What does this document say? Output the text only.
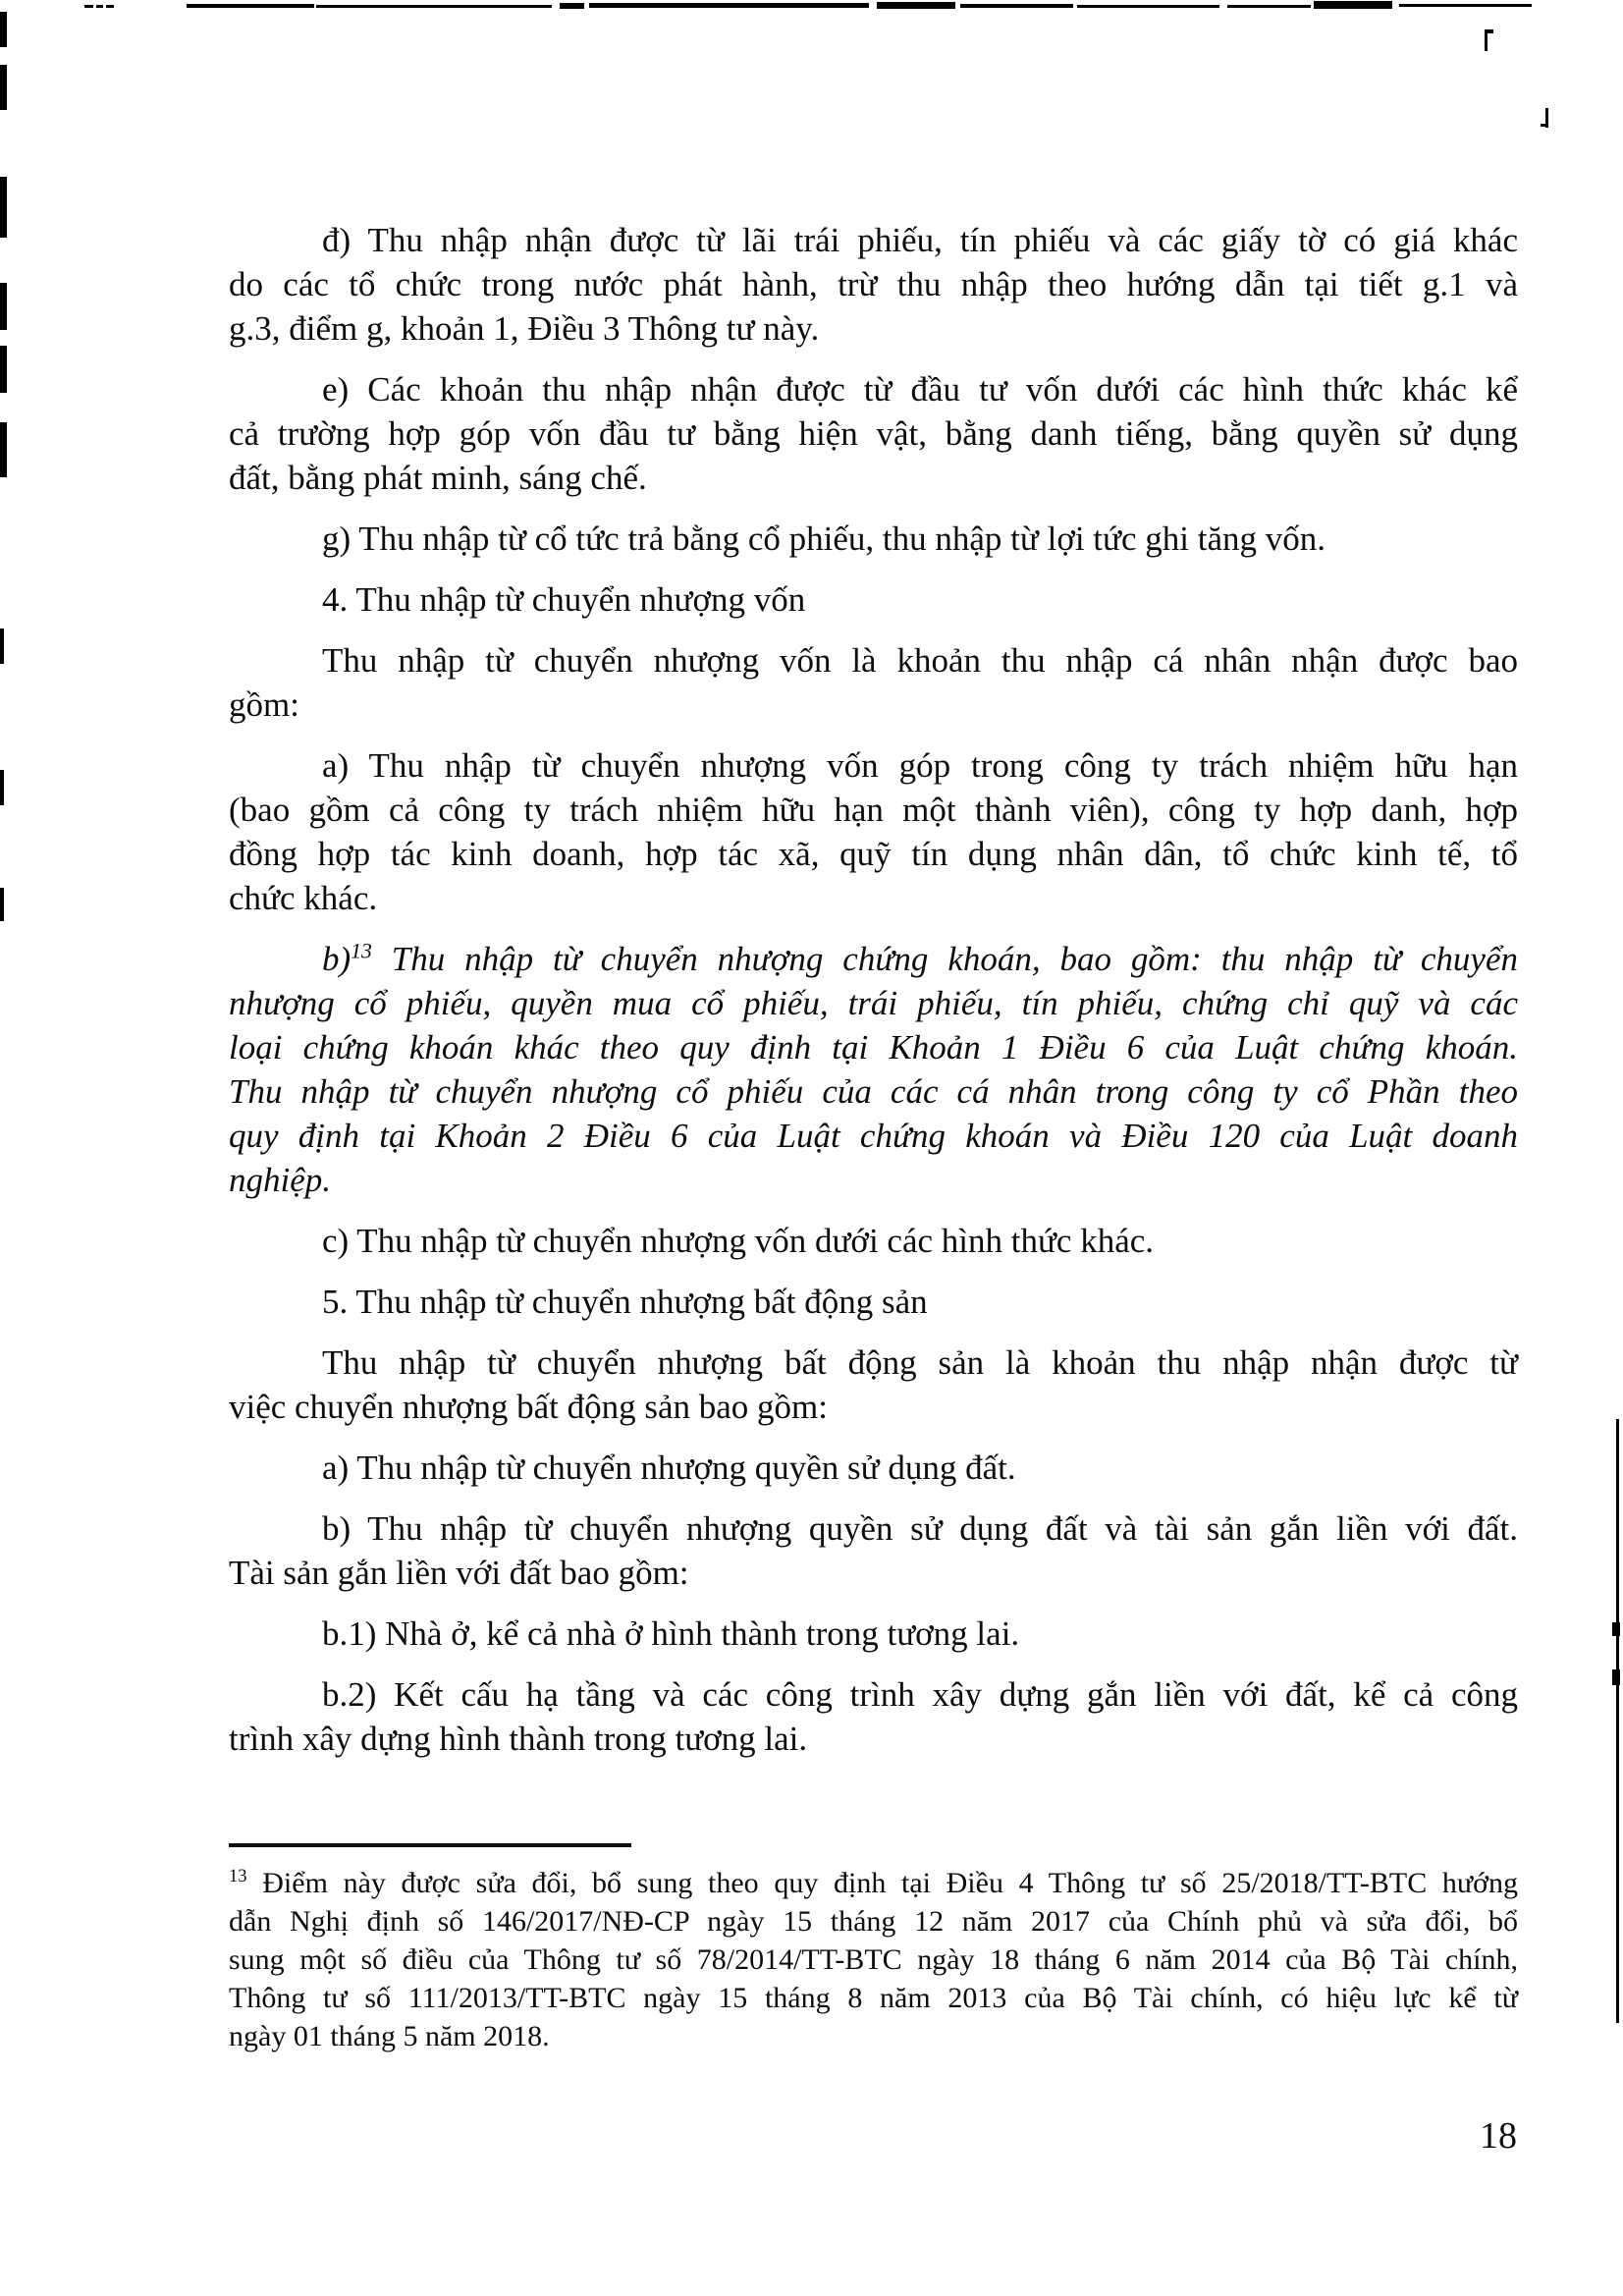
đ) Thu nhập nhận được từ lãi trái phiếu, tín phiếu và các giấy tờ có giá khác
do các tổ chức trong nước phát hành, trừ thu nhập theo hướng dẫn tại tiết g.1 và
g.3, điểm g, khoản 1, Điều 3 Thông tư này.
e) Các khoản thu nhập nhận được từ đầu tư vốn dưới các hình thức khác kể
cả trường hợp góp vốn đầu tư bằng hiện vật, bằng danh tiếng, bằng quyền sử dụng
đất, bằng phát minh, sáng chế.
g) Thu nhập từ cổ tức trả bằng cổ phiếu, thu nhập từ lợi tức ghi tăng vốn.
4. Thu nhập từ chuyển nhượng vốn
Thu nhập từ chuyển nhượng vốn là khoản thu nhập cá nhân nhận được bao
gồm:
a) Thu nhập từ chuyển nhượng vốn góp trong công ty trách nhiệm hữu hạn
(bao gồm cả công ty trách nhiệm hữu hạn một thành viên), công ty hợp danh, hợp
đồng hợp tác kinh doanh, hợp tác xã, quỹ tín dụng nhân dân, tổ chức kinh tế, tổ
chức khác.
b)$^{13}$ Thu nhập từ chuyển nhượng chứng khoán, bao gồm: thu nhập từ chuyển
nhượng cổ phiếu, quyền mua cổ phiếu, trái phiếu, tín phiếu, chứng chỉ quỹ và các
loại chứng khoán khác theo quy định tại Khoản 1 Điều 6 của Luật chứng khoán.
Thu nhập từ chuyển nhượng cổ phiếu của các cá nhân trong công ty cổ Phần theo
quy định tại Khoản 2 Điều 6 của Luật chứng khoán và Điều 120 của Luật doanh
nghiệp.
c) Thu nhập từ chuyển nhượng vốn dưới các hình thức khác.
5. Thu nhập từ chuyển nhượng bất động sản
Thu nhập từ chuyển nhượng bất động sản là khoản thu nhập nhận được từ
việc chuyển nhượng bất động sản bao gồm:
a) Thu nhập từ chuyển nhượng quyền sử dụng đất.
b) Thu nhập từ chuyển nhượng quyền sử dụng đất và tài sản gắn liền với đất.
Tài sản gắn liền với đất bao gồm:
b.1) Nhà ở, kể cả nhà ở hình thành trong tương lai.
b.2) Kết cấu hạ tầng và các công trình xây dựng gắn liền với đất, kể cả công
trình xây dựng hình thành trong tương lai.
$^{13}$ Điểm này được sửa đổi, bổ sung theo quy định tại Điều 4 Thông tư số 25/2018/TT-BTC hướng
dẫn Nghị định số 146/2017/NĐ-CP ngày 15 tháng 12 năm 2017 của Chính phủ và sửa đổi, bổ
sung một số điều của Thông tư số 78/2014/TT-BTC ngày 18 tháng 6 năm 2014 của Bộ Tài chính,
Thông tư số 111/2013/TT-BTC ngày 15 tháng 8 năm 2013 của Bộ Tài chính, có hiệu lực kể từ
ngày 01 tháng 5 năm 2018.
18
